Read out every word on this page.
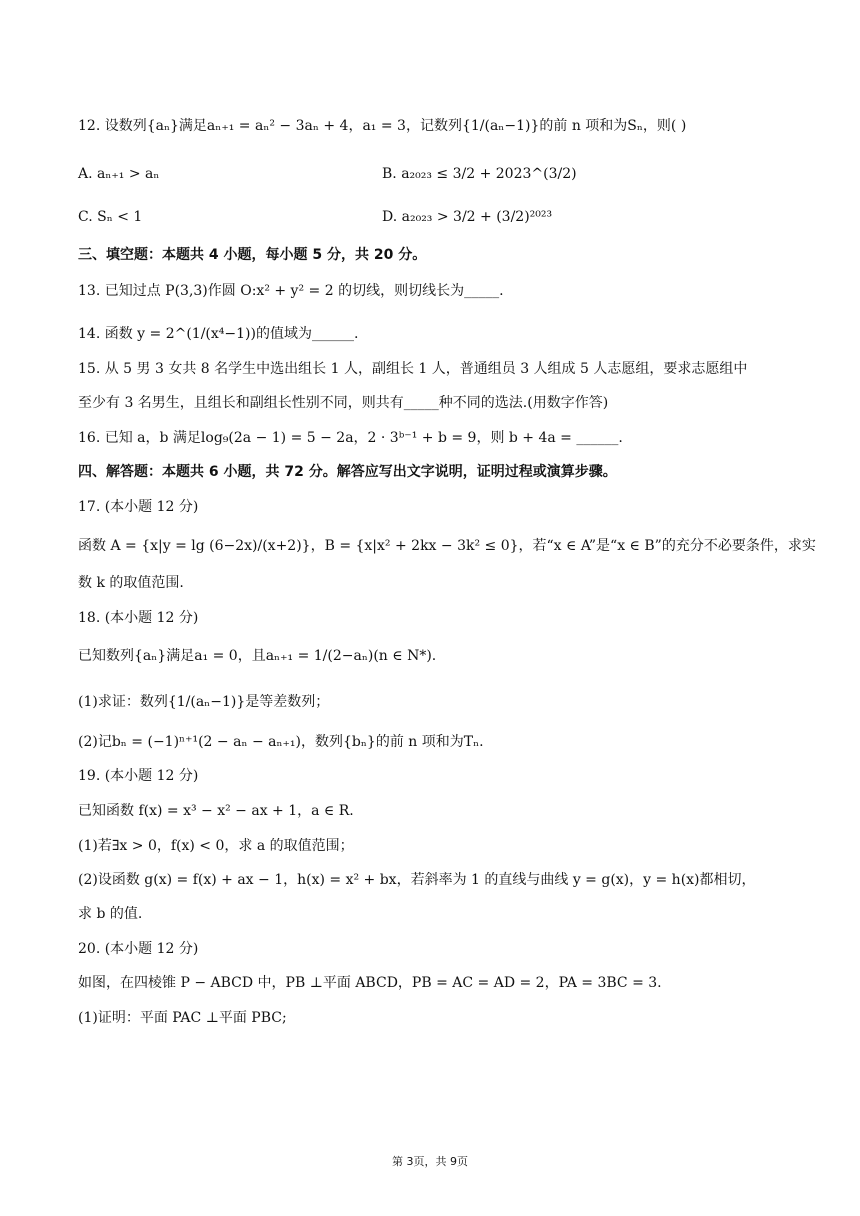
12. 设数列{aₙ}满足aₙ₊₁ = aₙ² − 3aₙ + 4，a₁ = 3，记数列{1/(aₙ−1)}的前 n 项和为Sₙ，则( )
A. aₙ₊₁ > aₙ	B. a₂₀₂₃ ≤ 3/2 + 2023^(3/2)
C. Sₙ < 1	D. a₂₀₂₃ > 3/2 + (3/2)²⁰²³
三、填空题：本题共 4 小题，每小题 5 分，共 20 分。
13. 已知过点 P(3,3)作圆 O:x² + y² = 2 的切线，则切线长为_____.
14. 函数 y = 2^(1/(x⁴−1))的值域为______.
15. 从 5 男 3 女共 8 名学生中选出组长 1 人，副组长 1 人，普通组员 3 人组成 5 人志愿组，要求志愿组中
至少有 3 名男生，且组长和副组长性别不同，则共有_____种不同的选法.(用数字作答)
16. 已知 a，b 满足log₉(2a − 1) = 5 − 2a，2 · 3ᵇ⁻¹ + b = 9，则 b + 4a = ______.
四、解答题：本题共 6 小题，共 72 分。解答应写出文字说明，证明过程或演算步骤。
17. (本小题 12 分)
函数 A = {x|y = lg (6−2x)/(x+2)}，B = {x|x² + 2kx − 3k² ≤ 0}，若“x ∈ A”是“x ∈ B”的充分不必要条件，求实
数 k 的取值范围.
18. (本小题 12 分)
已知数列{aₙ}满足a₁ = 0，且aₙ₊₁ = 1/(2−aₙ)(n ∈ N*).
(1)求证：数列{1/(aₙ−1)}是等差数列；
(2)记bₙ = (−1)ⁿ⁺¹(2 − aₙ − aₙ₊₁)，数列{bₙ}的前 n 项和为Tₙ.
19. (本小题 12 分)
已知函数 f(x) = x³ − x² − ax + 1，a ∈ R.
(1)若∃x > 0，f(x) < 0，求 a 的取值范围；
(2)设函数 g(x) = f(x) + ax − 1，h(x) = x² + bx，若斜率为 1 的直线与曲线 y = g(x)，y = h(x)都相切，
求 b 的值.
20. (本小题 12 分)
如图，在四棱锥 P − ABCD 中，PB ⊥平面 ABCD，PB = AC = AD = 2，PA = 3BC = 3.
(1)证明：平面 PAC ⊥平面 PBC;
第 3页，共 9页
